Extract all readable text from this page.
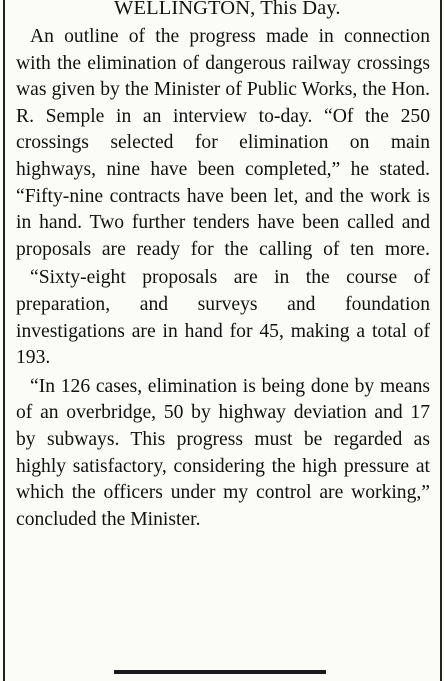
WELLINGTON, This Day.

An outline of the progress made in connection with the elimination of dangerous railway crossings was given by the Minister of Public Works, the Hon. R. Semple in an interview to-day. “Of the 250 crossings selected for elimination on main highways, nine have been completed,” he stated. “Fifty-nine contracts have been let, and the work is in hand. Two further tenders have been called and proposals are ready for the calling of ten more.

“Sixty-eight proposals are in the course of preparation, and surveys and foundation investigations are in hand for 45, making a total of 193.

“In 126 cases, elimination is being done by means of an overbridge, 50 by highway deviation and 17 by subways. This progress must be regarded as highly satisfactory, considering the high pressure at which the officers under my control are working,” concluded the Minister.
